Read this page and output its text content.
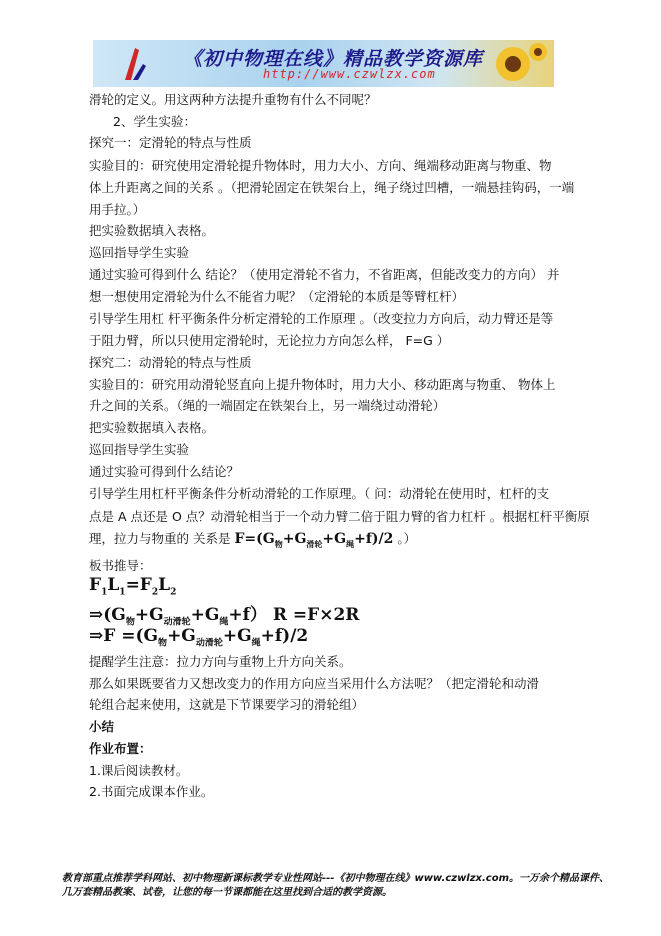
《初中物理在线》精品教学资源库
http://www.czwlzx.com
滑轮的定义。用这两种方法提升重物有什么不同呢？
2、学生实验：
探究一：定滑轮的特点与性质
实验目的：研究使用定滑轮提升物体时，用力大小、方向、绳端移动距离与物重、物
体上升距离之间的关系 。（把滑轮固定在铁架台上，绳子绕过凹槽，一端悬挂钩码，一端
用手拉。）
把实验数据填入表格。
巡回指导学生实验
通过实验可得到什么 结论？（使用定滑轮不省力，不省距离，但能改变力的方向） 并
想一想使用定滑轮为什么不能省力呢？（定滑轮的本质是等臂杠杆）
引导学生用杠 杆平衡条件分析定滑轮的工作原理 。（改变拉力方向后，动力臂还是等
于阻力臂，所以只使用定滑轮时，无论拉力方向怎么样， F=G ）
探究二：动滑轮的特点与性质
实验目的：研究用动滑轮竖直向上提升物体时，用力大小、移动距离与物重、 物体上
升之间的关系。（绳的一端固定在铁架台上，另一端绕过动滑轮）
把实验数据填入表格。
巡回指导学生实验
通过实验可得到什么结论？
引导学生用杠杆平衡条件分析动滑轮的工作原理。（ 问：动滑轮在使用时，杠杆的支
点是 A 点还是 O 点？动滑轮相当于一个动力臂二倍于阻力臂的省力杠杆 。根据杠杆平衡原
理，拉力与物重的 关系是 $F=(G_物+G_{滑轮}+G_绳+f)/2$ 。）
板书推导：
$F_1L_1=F_2L_2$
$\Rightarrow(G_物+G_{动滑轮}+G_绳+f)$ R =F×2R
⇒F $=(G_物+G_{动滑轮}+G_绳+f)/2$
提醒学生注意：拉力方向与重物上升方向关系。
那么如果既要省力又想改变力的作用方向应当采用什么方法呢？（把定滑轮和动滑
轮组合起来使用，这就是下节课要学习的滑轮组）
小结
作业布置：
1.课后阅读教材。
2.书面完成课本作业。
教育部重点推荐学科网站、初中物理新课标教学专业性网站---《初中物理在线》www.czwlzx.com。一万余个精品课件、
几万套精品教案、试卷，让您的每一节课都能在这里找到合适的教学资源。
